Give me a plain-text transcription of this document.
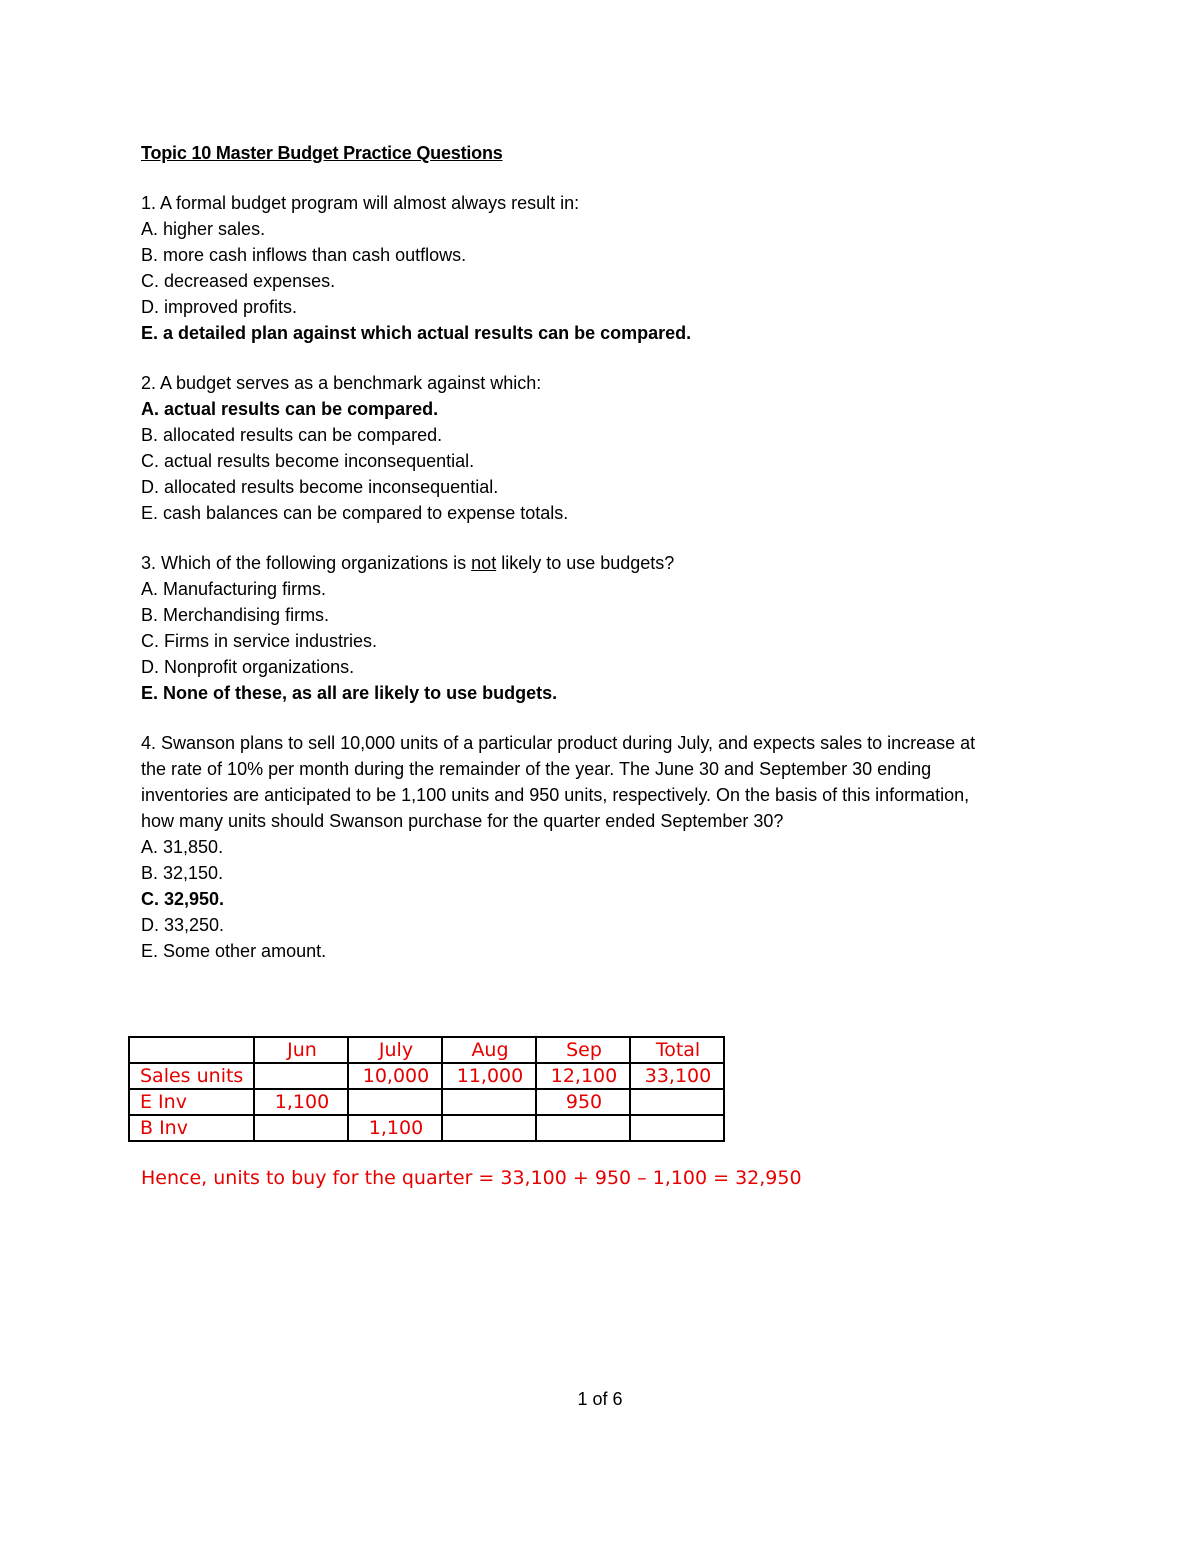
Topic 10 Master Budget Practice Questions
1. A formal budget program will almost always result in:
A. higher sales.
B. more cash inflows than cash outflows.
C. decreased expenses.
D. improved profits.
E. a detailed plan against which actual results can be compared.
2. A budget serves as a benchmark against which:
A. actual results can be compared.
B. allocated results can be compared.
C. actual results become inconsequential.
D. allocated results become inconsequential.
E. cash balances can be compared to expense totals.
3. Which of the following organizations is not likely to use budgets?
A. Manufacturing firms.
B. Merchandising firms.
C. Firms in service industries.
D. Nonprofit organizations.
E. None of these, as all are likely to use budgets.
4. Swanson plans to sell 10,000 units of a particular product during July, and expects sales to increase at
the rate of 10% per month during the remainder of the year. The June 30 and September 30 ending
inventories are anticipated to be 1,100 units and 950 units, respectively. On the basis of this information,
how many units should Swanson purchase for the quarter ended September 30?
A. 31,850.
B. 32,150.
C. 32,950.
D. 33,250.
E. Some other amount.
	Jun	July	Aug	Sep	Total
Sales units		10,000	11,000	12,100	33,100
E Inv	1,100			950	
B Inv		1,100			
Hence, units to buy for the quarter = 33,100 + 950 – 1,100 = 32,950
1 of 6
